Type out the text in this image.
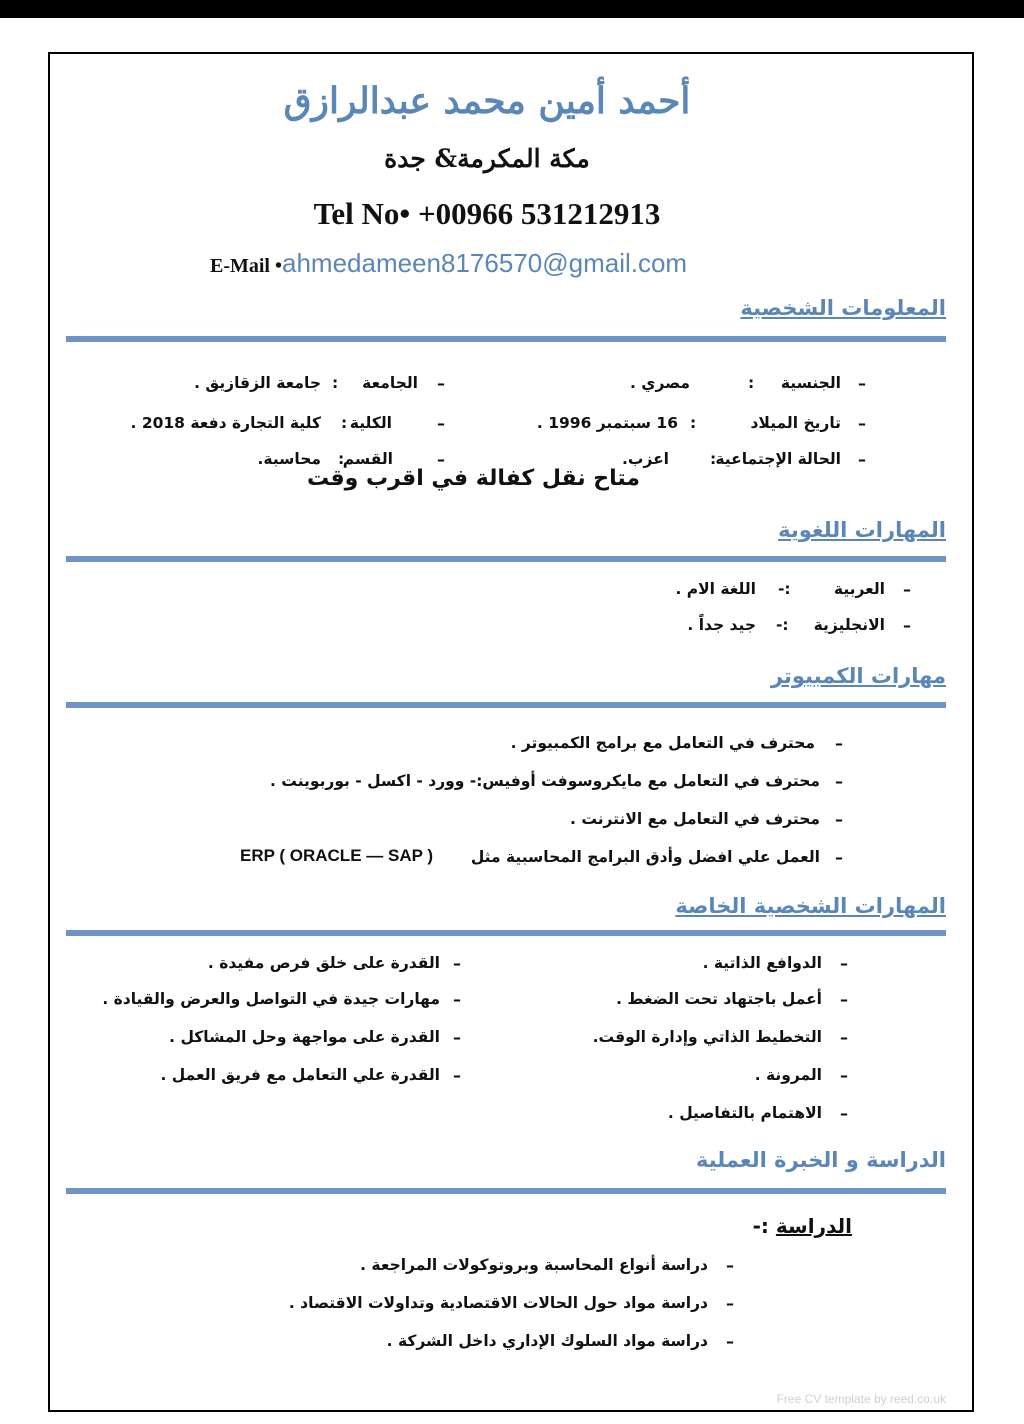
أحمد أمين محمد عبدالرازق
مكة المكرمة& جدة
Tel No• +00966 531212913
E-Mail •ahmedameen8176570@gmail.com
المعلومات الشخصية
–
الجنسية
:
مصري .
–
تاريخ الميلاد
:
16 سبتمبر 1996 .
–
الحالة الإجتماعية
:
اعزب.
–
الجامعة
:
جامعة الزقازيق .
–
الكلية
:
كلية التجارة دفعة 2018 .
–
القسم
:
محاسبة.
متاح نقل كفالة في اقرب وقت
المهارات اللغوية
–
العربية
:-
اللغة الام .
–
الانجليزية
:-
جيد جداً .
مهارات الكمبيوتر
–
محترف في التعامل مع برامج الكمبيوتر .
–
محترف في التعامل مع مايكروسوفت أوفيس:- وورد - اكسل - بوربوينت .
–
محترف في التعامل مع الانترنت .
–
العمل علي افضل وأدق البرامج المحاسبية مثل
ERP ( ORACLE — SAP )
المهارات الشخصية الخاصة
–
الدوافع الذاتية .
–
أعمل باجتهاد تحت الضغط .
–
التخطيط الذاتي وإدارة الوقت.
–
المرونة .
–
الاهتمام بالتفاصيل .
–
القدرة على خلق فرص مفيدة .
–
مهارات جيدة في التواصل والعرض والقيادة .
–
القدرة على مواجهة وحل المشاكل .
–
القدرة علي التعامل مع فريق العمل .
الدراسة و الخبرة العملية
الدراسة :-
–
دراسة أنواع المحاسبة وبروتوكولات المراجعة .
–
دراسة مواد حول الحالات الاقتصادية وتداولات الاقتصاد .
–
دراسة مواد السلوك الإداري داخل الشركة .
Free CV template by reed.co.uk
